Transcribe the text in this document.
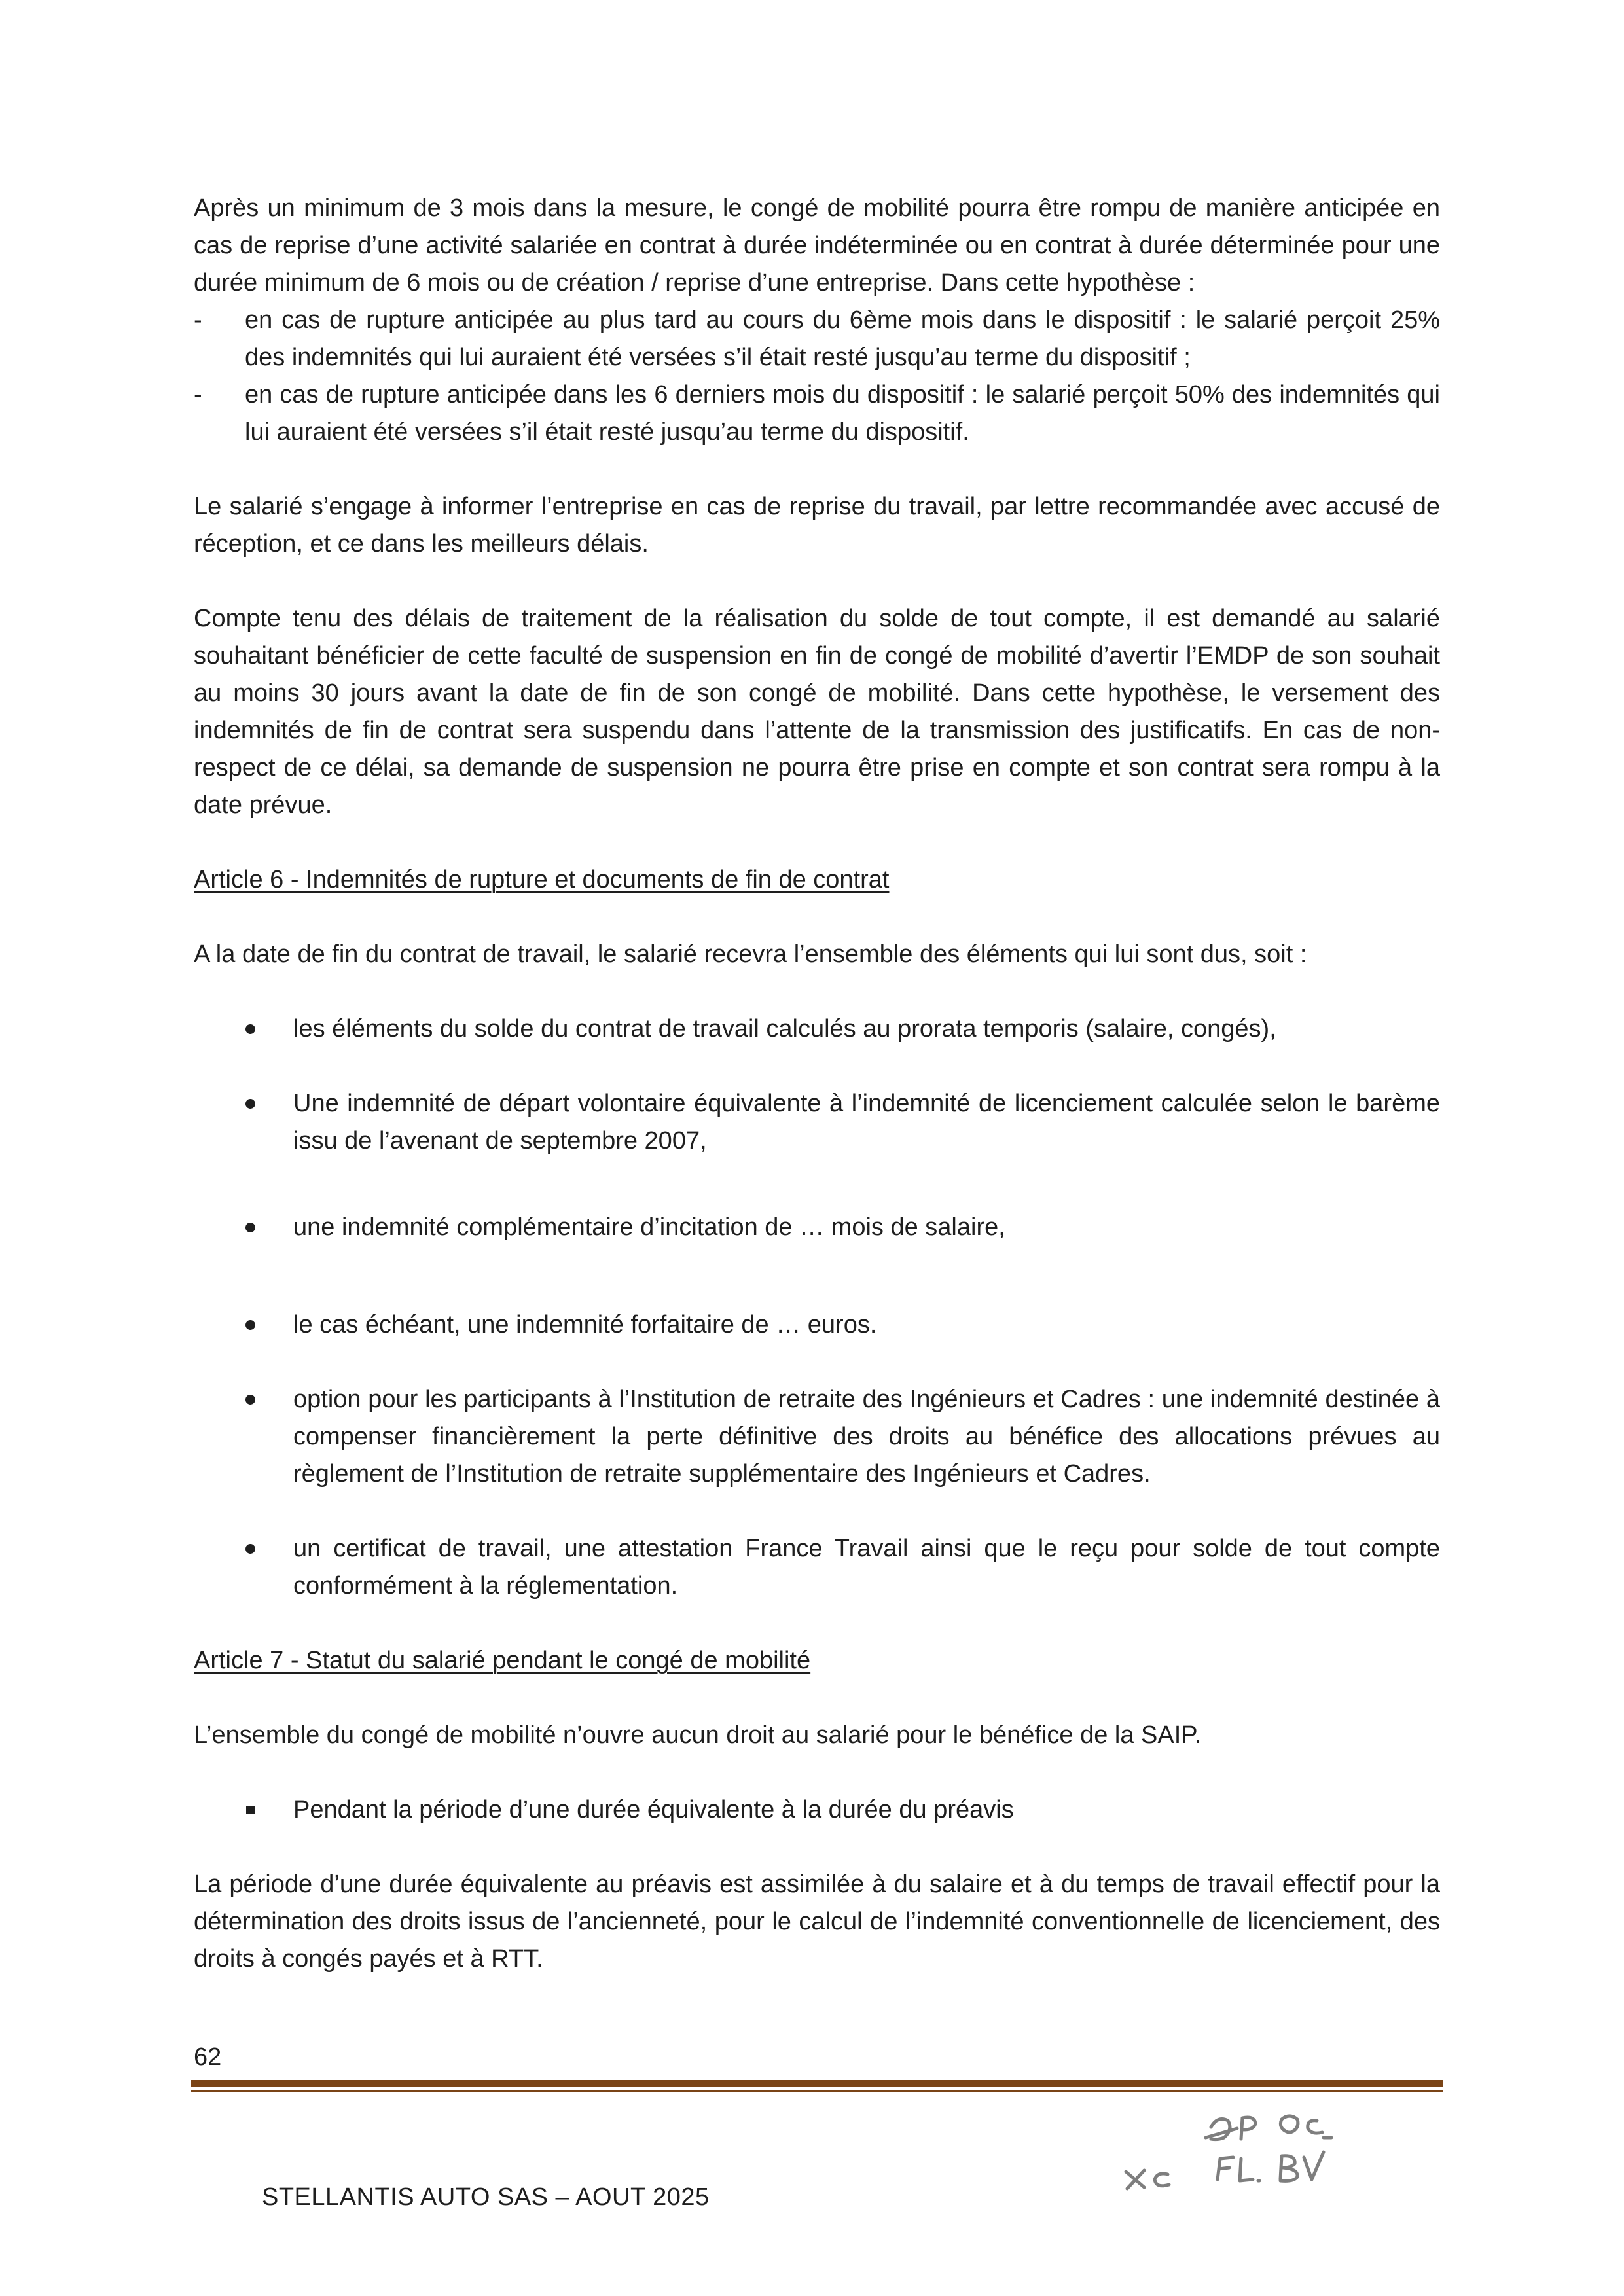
Après un minimum de 3 mois dans la mesure, le congé de mobilité pourra être rompu de manière anticipée en cas de reprise d’une activité salariée en contrat à durée indéterminée ou en contrat à durée déterminée pour une durée minimum de 6 mois ou de création / reprise d’une entreprise. Dans cette hypothèse :

- en cas de rupture anticipée au plus tard au cours du 6ème mois dans le dispositif : le salarié perçoit 25% des indemnités qui lui auraient été versées s’il était resté jusqu’au terme du dispositif ;
- en cas de rupture anticipée dans les 6 derniers mois du dispositif : le salarié perçoit 50% des indemnités qui lui auraient été versées s’il était resté jusqu’au terme du dispositif.

Le salarié s’engage à informer l’entreprise en cas de reprise du travail, par lettre recommandée avec accusé de réception, et ce dans les meilleurs délais.

Compte tenu des délais de traitement de la réalisation du solde de tout compte, il est demandé au salarié souhaitant bénéficier de cette faculté de suspension en fin de congé de mobilité d’avertir l’EMDP de son souhait au moins 30 jours avant la date de fin de son congé de mobilité. Dans cette hypothèse, le versement des indemnités de fin de contrat sera suspendu dans l’attente de la transmission des justificatifs. En cas de non-respect de ce délai, sa demande de suspension ne pourra être prise en compte et son contrat sera rompu à la date prévue.

Article 6 - Indemnités de rupture et documents de fin de contrat

A la date de fin du contrat de travail, le salarié recevra l’ensemble des éléments qui lui sont dus, soit :

les éléments du solde du contrat de travail calculés au prorata temporis (salaire, congés),
Une indemnité de départ volontaire équivalente à l’indemnité de licenciement calculée selon le barème issu de l’avenant de septembre 2007,
une indemnité complémentaire d’incitation de … mois de salaire,
le cas échéant, une indemnité forfaitaire de … euros.
option pour les participants à l’Institution de retraite des Ingénieurs et Cadres : une indemnité destinée à compenser financièrement la perte définitive des droits au bénéfice des allocations prévues au règlement de l’Institution de retraite supplémentaire des Ingénieurs et Cadres.
un certificat de travail, une attestation France Travail ainsi que le reçu pour solde de tout compte conformément à la réglementation.

Article 7 - Statut du salarié pendant le congé de mobilité

L’ensemble du congé de mobilité n’ouvre aucun droit au salarié pour le bénéfice de la SAIP.

Pendant la période d’une durée équivalente à la durée du préavis

La période d’une durée équivalente au préavis est assimilée à du salaire et à du temps de travail effectif pour la détermination des droits issus de l’ancienneté, pour le calcul de l’indemnité conventionnelle de licenciement, des droits à congés payés et à RTT.

62
STELLANTIS AUTO SAS – AOUT 2025
